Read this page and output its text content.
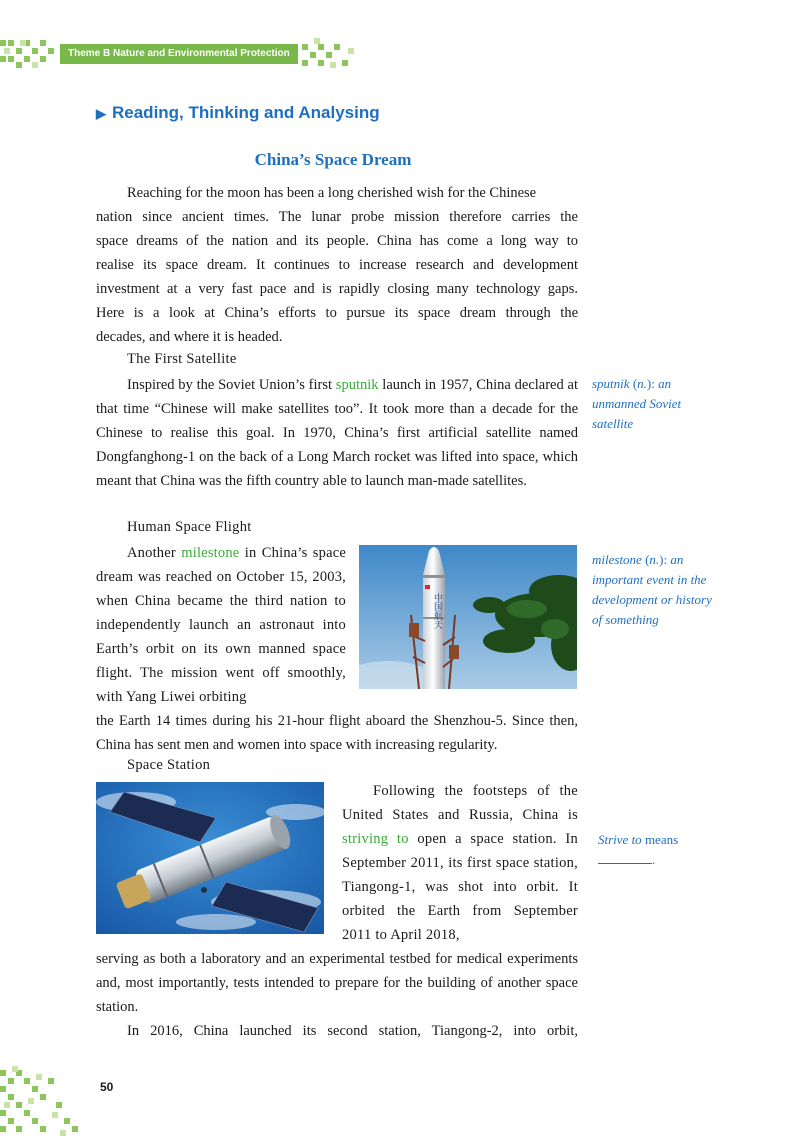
Theme B Nature and Environmental Protection
▶ Reading, Thinking and Analysing
China’s Space Dream
Reaching for the moon has been a long cherished wish for the Chinese
nation since ancient times. The lunar probe mission therefore carries the
space dreams of the nation and its people. China has come a long way to
realise its space dream. It continues to increase research and development
investment at a very fast pace and is rapidly closing many technology gaps.
Here is a look at China’s efforts to pursue its space dream through the
decades, and where it is headed.
The First Satellite

Inspired by the Soviet Union’s first sputnik launch in 1957, China declared at that time “Chinese will make satellites too”. It took more than a decade for the Chinese to realise this goal. In 1970, China’s first artificial satellite named Dongfanghong-1 on the back of a Long March rocket was lifted into space, which meant that China was the fifth country able to launch man-made satellites.

sputnik (n.): an unmanned Soviet satellite
Human Space Flight

Another milestone in China’s space dream was reached on October 15, 2003, when China became the third nation to independently launch an astronaut into Earth’s orbit on its own manned space flight. The mission went off smoothly, with Yang Liwei orbiting

中国航天
milestone (n.): an important event in the development or history of something

the Earth 14 times during his 21-hour flight aboard the Shenzhou-5. Since then, China has sent men and women into space with increasing regularity.

Space Station

Following the footsteps of the United States and Russia, China is striving to open a space station. In September 2011, its first space station, Tiangong-1, was shot into orbit. It orbited the Earth from September 2011 to April 2018,

Strive to means
.

serving as both a laboratory and an experimental testbed for medical experiments and, most importantly, tests intended to prepare for the building of another space station.

In 2016, China launched its second station, Tiangong-2, into orbit,

50
